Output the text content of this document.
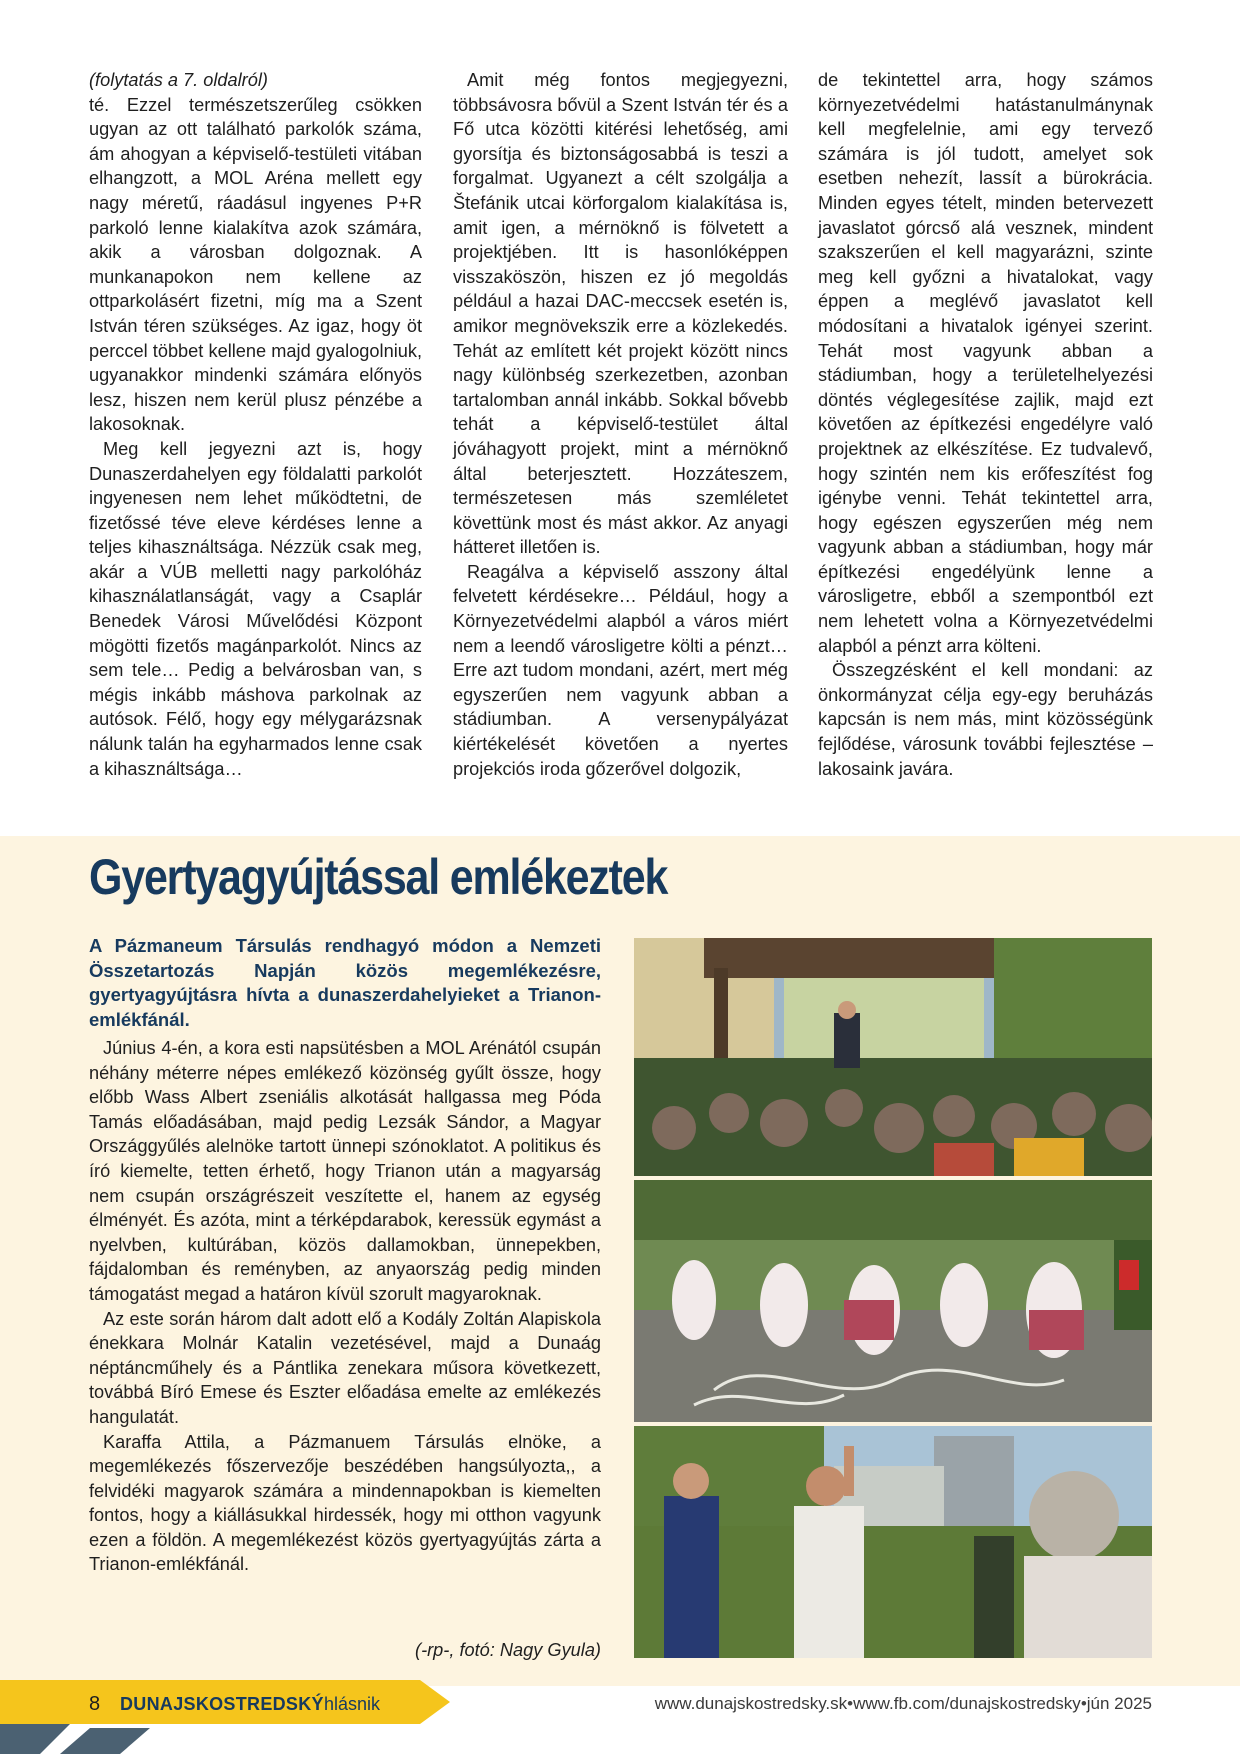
(folytatás a 7. oldalról)

té. Ezzel természetszerűleg csökken ugyan az ott található parkolók száma, ám ahogyan a képviselő-testületi vitában elhangzott, a MOL Aréna mellett egy nagy méretű, ráadásul ingyenes P+R parkoló lenne kialakítva azok számára, akik a városban dolgoznak. A munkanapokon nem kellene az ottparkolásért fizetni, míg ma a Szent István téren szükséges. Az igaz, hogy öt perccel többet kellene majd gyalogolniuk, ugyanakkor mindenki számára előnyös lesz, hiszen nem kerül plusz pénzébe a lakosoknak.

Meg kell jegyezni azt is, hogy Dunaszerdahelyen egy földalatti parkolót ingyenesen nem lehet működtetni, de fizetőssé téve eleve kérdéses lenne a teljes kihasználtsága. Nézzük csak meg, akár a VÚB melletti nagy parkolóház kihasználatlanságát, vagy a Csaplár Benedek Városi Művelődési Központ mögötti fizetős magánparkolót. Nincs az sem tele… Pedig a belvárosban van, s mégis inkább máshova parkolnak az autósok. Félő, hogy egy mélygarázsnak nálunk talán ha egyharmados lenne csak a kihasználtsága…

Amit még fontos megjegyezni, többsávosra bővül a Szent István tér és a Fő utca közötti kitérési lehetőség, ami gyorsítja és biztonságosabbá is teszi a forgalmat. Ugyanezt a célt szolgálja a Štefánik utcai körforgalom kialakítása is, amit igen, a mérnöknő is fölvetett a projektjében. Itt is hasonlóképpen visszaköszön, hiszen ez jó megoldás például a hazai DAC-meccsek esetén is, amikor megnövekszik erre a közlekedés. Tehát az említett két projekt között nincs nagy különbség szerkezetben, azonban tartalomban annál inkább. Sokkal bővebb tehát a képviselő-testület által jóváhagyott projekt, mint a mérnöknő által beterjesztett. Hozzáteszem, természetesen más szemléletet követtünk most és mást akkor. Az anyagi hátteret illetően is.

Reagálva a képviselő asszony által felvetett kérdésekre… Például, hogy a Környezetvédelmi alapból a város miért nem a leendő városligetre költi a pénzt… Erre azt tudom mondani, azért, mert még egyszerűen nem vagyunk abban a stádiumban. A versenypályázat kiértékelését követően a nyertes projekciós iroda gőzerővel dolgozik,

de tekintettel arra, hogy számos környezetvédelmi hatástanulmánynak kell megfelelnie, ami egy tervező számára is jól tudott, amelyet sok esetben nehezít, lassít a bürokrácia. Minden egyes tételt, minden betervezett javaslatot górcső alá vesznek, mindent szakszerűen el kell magyarázni, szinte meg kell győzni a hivatalokat, vagy éppen a meglévő javaslatot kell módosítani a hivatalok igényei szerint. Tehát most vagyunk abban a stádiumban, hogy a területelhelyezési döntés véglegesítése zajlik, majd ezt követően az építkezési engedélyre való projektnek az elkészítése. Ez tudvalevő, hogy szintén nem kis erőfeszítést fog igénybe venni. Tehát tekintettel arra, hogy egészen egyszerűen még nem vagyunk abban a stádiumban, hogy már építkezési engedélyünk lenne a városligetre, ebből a szempontból ezt nem lehetett volna a Környezetvédelmi alapból a pénzt arra költeni.

Összegzésként el kell mondani: az önkormányzat célja egy-egy beruházás kapcsán is nem más, mint közösségünk fejlődése, városunk további fejlesztése – lakosaink javára.

Gyertyagyújtással emlékeztek

A Pázmaneum Társulás rendhagyó módon a Nemzeti Összetartozás Napján közös megemlékezésre, gyertyagyújtásra hívta a dunaszerdahelyieket a Trianon-emlékfánál.

Június 4-én, a kora esti napsütésben a MOL Arénától csupán néhány méterre népes emlékező közönség gyűlt össze, hogy előbb Wass Albert zseniális alkotását hallgassa meg Póda Tamás előadásában, majd pedig Lezsák Sándor, a Magyar Országgyűlés alelnöke tartott ünnepi szónoklatot. A politikus és író kiemelte, tetten érhető, hogy Trianon után a magyarság nem csupán országrészeit veszítette el, hanem az egység élményét. És azóta, mint a térképdarabok, keressük egymást a nyelvben, kultúrában, közös dallamokban, ünnepekben, fájdalomban és reményben, az anyaország pedig minden támogatást megad a határon kívül szorult magyaroknak.

Az este során három dalt adott elő a Kodály Zoltán Alapiskola énekkara Molnár Katalin vezetésével, majd a Dunaág néptáncműhely és a Pántlika zenekara műsora következett, továbbá Bíró Emese és Eszter előadása emelte az emlékezés hangulatát.

Karaffa Attila, a Pázmanuem Társulás elnöke, a megemlékezés főszervezője beszédében hangsúlyozta,, a felvidéki magyarok számára a mindennapokban is kiemelten fontos, hogy a kiállásukkal hirdessék, hogy mi otthon vagyunk ezen a földön. A megemlékezést közös gyertyagyújtás zárta a Trianon-emlékfánál.

(-rp-, fotó: Nagy Gyula)
8 DUNAJSKOSTREDSKÝ hlásnik	www.dunajskostredsky.sk•www.fb.com/dunajskostredsky•jún 2025
